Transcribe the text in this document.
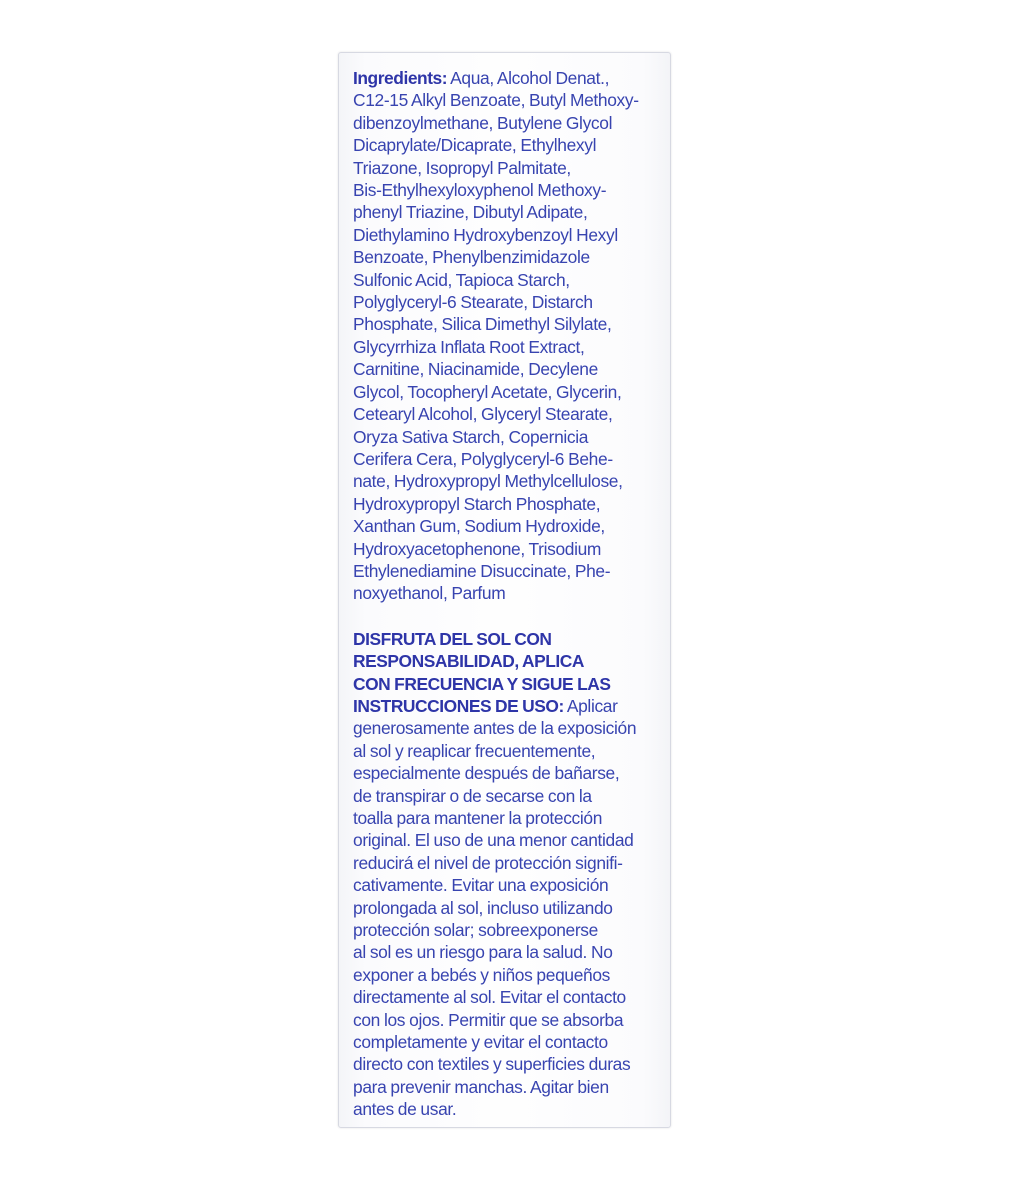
Ingredients: Aqua, Alcohol Denat.,
C12-15 Alkyl Benzoate, Butyl Methoxy-
dibenzoylmethane, Butylene Glycol
Dicaprylate/Dicaprate, Ethylhexyl
Triazone, Isopropyl Palmitate,
Bis-Ethylhexyloxyphenol Methoxy-
phenyl Triazine, Dibutyl Adipate,
Diethylamino Hydroxybenzoyl Hexyl
Benzoate, Phenylbenzimidazole
Sulfonic Acid, Tapioca Starch,
Polyglyceryl-6 Stearate, Distarch
Phosphate, Silica Dimethyl Silylate,
Glycyrrhiza Inflata Root Extract,
Carnitine, Niacinamide, Decylene
Glycol, Tocopheryl Acetate, Glycerin,
Cetearyl Alcohol, Glyceryl Stearate,
Oryza Sativa Starch, Copernicia
Cerifera Cera, Polyglyceryl-6 Behe-
nate, Hydroxypropyl Methylcellulose,
Hydroxypropyl Starch Phosphate,
Xanthan Gum, Sodium Hydroxide,
Hydroxyacetophenone, Trisodium
Ethylenediamine Disuccinate, Phe-
noxyethanol, Parfum
DISFRUTA DEL SOL CON
RESPONSABILIDAD, APLICA
CON FRECUENCIA Y SIGUE LAS
INSTRUCCIONES DE USO: Aplicar
generosamente antes de la exposición
al sol y reaplicar frecuentemente,
especialmente después de bañarse,
de transpirar o de secarse con la
toalla para mantener la protección
original. El uso de una menor cantidad
reducirá el nivel de protección signifi-
cativamente. Evitar una exposición
prolongada al sol, incluso utilizando
protección solar; sobreexponerse
al sol es un riesgo para la salud. No
exponer a bebés y niños pequeños
directamente al sol. Evitar el contacto
con los ojos. Permitir que se absorba
completamente y evitar el contacto
directo con textiles y superficies duras
para prevenir manchas. Agitar bien
antes de usar.
